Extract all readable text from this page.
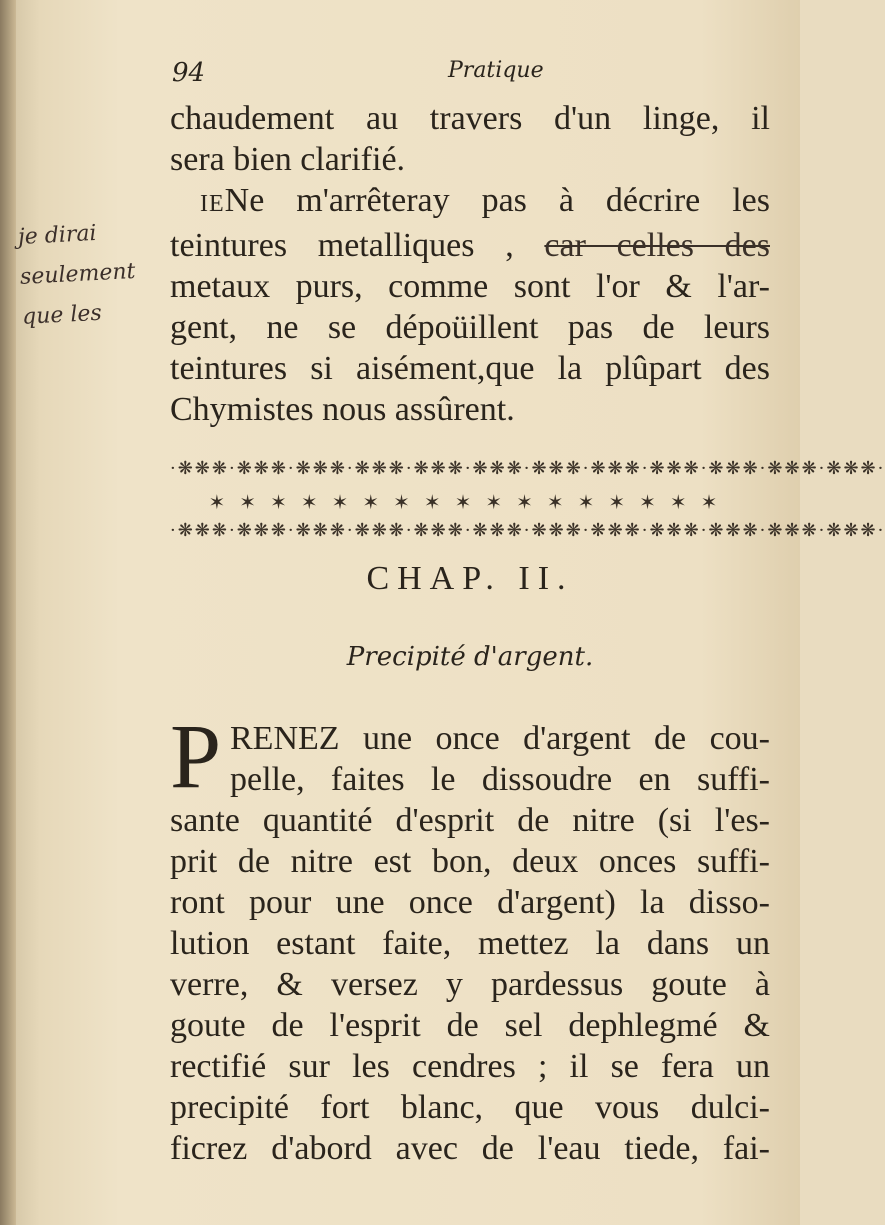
94	Pratique
chaudement au travers d'un linge, il
sera bien clarifié.
IENe m'arrêteray pas à décrire les
teintures metalliques , car celles des
metaux purs, comme sont l'or & l'ar-
gent, ne se dépoüillent pas de leurs
teintures si aisément,que la plûpart des
Chymistes nous assûrent.
je dirai
seulement
que les
·❋❋❋·❋❋❋·❋❋❋·❋❋❋·❋❋❋·❋❋❋·❋❋❋·❋❋❋·❋❋❋·❋❋❋·❋❋❋·❋❋❋·
✶✶✶✶✶✶✶✶✶✶✶✶✶✶✶✶✶
·❋❋❋·❋❋❋·❋❋❋·❋❋❋·❋❋❋·❋❋❋·❋❋❋·❋❋❋·❋❋❋·❋❋❋·❋❋❋·❋❋❋·
CHAP. II.
Precipité d'argent.
P RENEZ une once d'argent de cou-
pelle, faites le dissoudre en suffi-
sante quantité d'esprit de nitre (si l'es-
prit de nitre est bon, deux onces suffi-
ront pour une once d'argent) la disso-
lution estant faite, mettez la dans un
verre, & versez y pardessus goute à
goute de l'esprit de sel dephlegmé &
rectifié sur les cendres ; il se fera un
precipité fort blanc, que vous dulci-
ficrez d'abord avec de l'eau tiede, fai-
